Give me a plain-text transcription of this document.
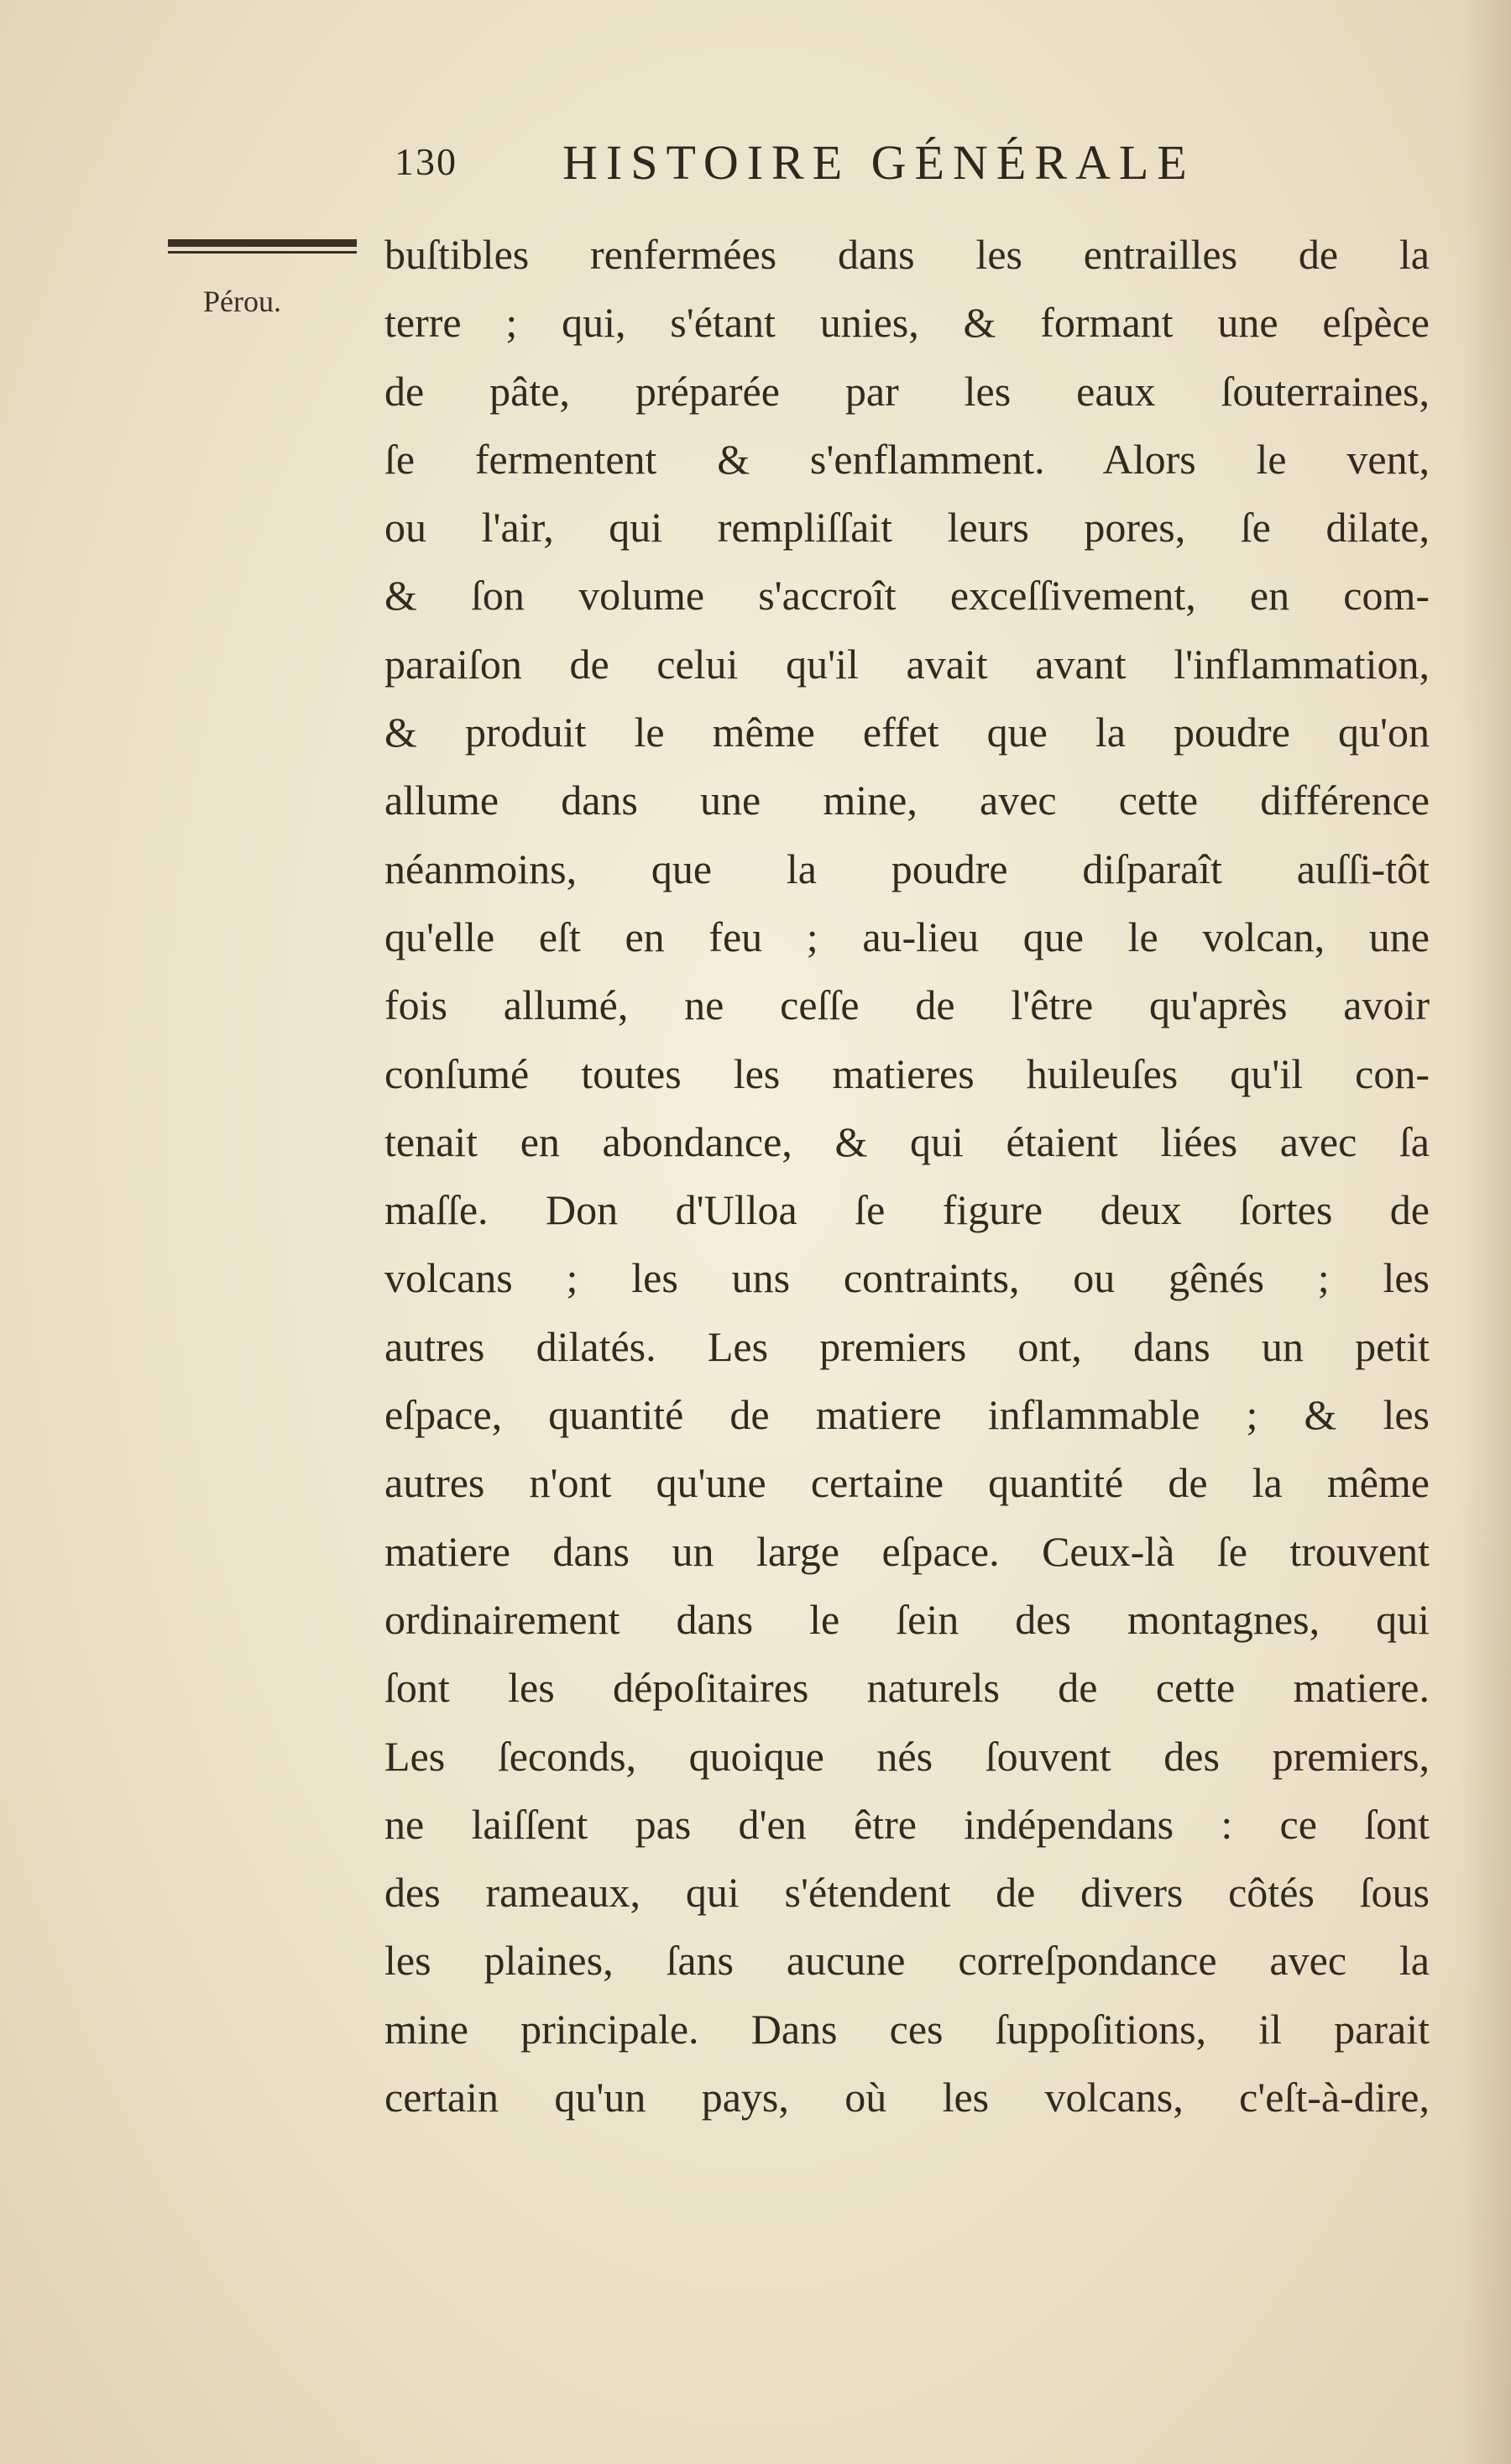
130 HISTOIRE GÉNÉRALE
Pérou.
buſtibles renfermées dans les entrailles de la
terre ; qui, s'étant unies, & formant une eſpèce
de pâte, préparée par les eaux ſouterraines,
ſe fermentent & s'enflamment. Alors le vent,
ou l'air, qui rempliſſait leurs pores, ſe dilate,
& ſon volume s'accroît exceſſivement, en com-
paraiſon de celui qu'il avait avant l'inflammation,
& produit le même effet que la poudre qu'on
allume dans une mine, avec cette différence
néanmoins, que la poudre diſparaît auſſi-tôt
qu'elle eſt en feu ; au-lieu que le volcan, une
fois allumé, ne ceſſe de l'être qu'après avoir
conſumé toutes les matieres huileuſes qu'il con-
tenait en abondance, & qui étaient liées avec ſa
maſſe. Don d'Ulloa ſe figure deux ſortes de
volcans ; les uns contraints, ou gênés ; les
autres dilatés. Les premiers ont, dans un petit
eſpace, quantité de matiere inflammable ; & les
autres n'ont qu'une certaine quantité de la même
matiere dans un large eſpace. Ceux-là ſe trouvent
ordinairement dans le ſein des montagnes, qui
ſont les dépoſitaires naturels de cette matiere.
Les ſeconds, quoique nés ſouvent des premiers,
ne laiſſent pas d'en être indépendans : ce ſont
des rameaux, qui s'étendent de divers côtés ſous
les plaines, ſans aucune correſpondance avec la
mine principale. Dans ces ſuppoſitions, il parait
certain qu'un pays, où les volcans, c'eſt-à-dire,
